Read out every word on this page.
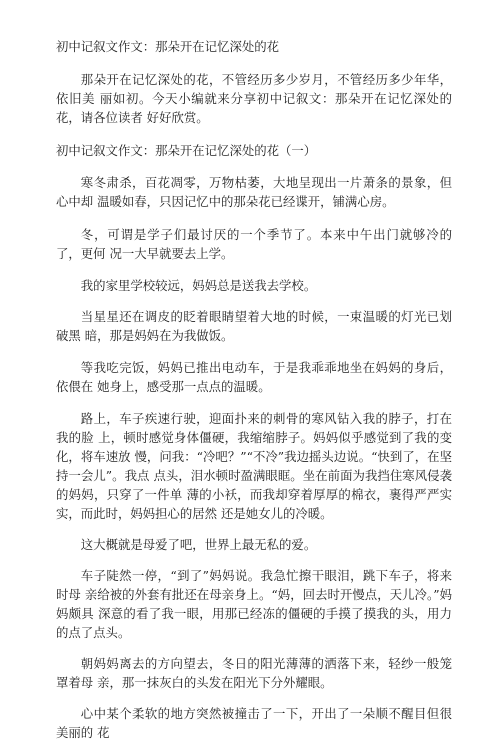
初中记叙文作文：那朵开在记忆深处的花

那朵开在记忆深处的花，不管经历多少岁月，不管经历多少年华，依旧美 丽如初。今天小编就来分享初中记叙文：那朵开在记忆深处的花，请各位读者 好好欣赏。

初中记叙文作文：那朵开在记忆深处的花（一）

寒冬肃杀，百花凋零，万物枯萎，大地呈现出一片萧条的景象，但心中却 温暖如春，只因记忆中的那朵花已经谍开，铺满心房。

冬，可谓是学子们最讨厌的一个季节了。本来中午出门就够冷的了，更何 况一大早就要去上学。

我的家里学校较远，妈妈总是送我去学校。

当星星还在调皮的眨着眼睛望着大地的时候，一束温暖的灯光已划破黑 暗，那是妈妈在为我做饭。

等我吃完饭，妈妈已推出电动车，于是我乖乖地坐在妈妈的身后，依偎在 她身上，感受那一点点的温暖。

路上，车子疾速行驶，迎面扑来的刺骨的寒风钻入我的脖子，打在我的脸 上，顿时感觉身体僵硬，我缩缩脖子。妈妈似乎感觉到了我的变化，将车速放 慢，问我：“冷吧？”“不冷”我边摇头边说。“快到了，在坚持一会儿”。我点 点头，泪水顿时盈满眼眶。坐在前面为我挡住寒风侵袭的妈妈，只穿了一件单 薄的小袄，而我却穿着厚厚的棉衣，裹得严严实实，而此时，妈妈担心的居然 还是她女儿的冷暖。

这大概就是母爱了吧，世界上最无私的爱。

车子陡然一停，“到了”妈妈说。我急忙擦干眼泪，跳下车子，将来时母 亲给被的外套有批还在母亲身上。“妈，回去时开慢点，天儿冷。”妈妈颇具 深意的看了我一眼，用那已经冻的僵硬的手摸了摸我的头，用力的点了点头。

朝妈妈离去的方向望去，冬日的阳光薄薄的洒落下来，轻纱一般笼罩着母 亲，那一抹灰白的头发在阳光下分外耀眼。

心中某个柔软的地方突然被撞击了一下，开出了一朵顺不醒目但很美丽的 花
